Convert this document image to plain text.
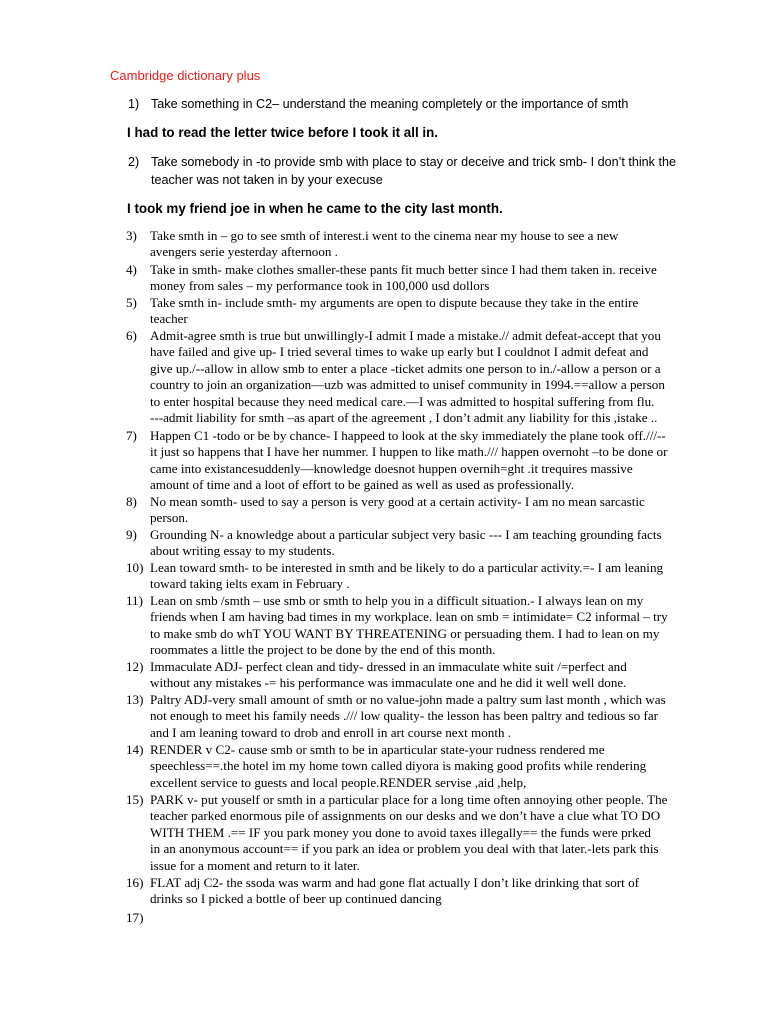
Cambridge dictionary plus
1) Take something in C2– understand the meaning completely or the importance of smth
2) Take somebody in -to provide smb with place to stay or deceive and trick smb- I don’t think the
teacher was not taken in by your execuse
3) Take smth in – go to see smth of interest.i went to the cinema near my house to see a new
avengers serie yesterday afternoon .
4) Take in smth- make clothes smaller-these pants fit much better since I had them taken in. receive
money from sales – my performance took in 100,000 usd dollors
5) Take smth in- include smth- my arguments are open to dispute because they take in the entire
teacher
6) Admit-agree smth is true but unwillingly-I admit I made a mistake.// admit defeat-accept that you
have failed and give up- I tried several times to wake up early but I couldnot I admit defeat and
give up./--allow in allow smb to enter a place -ticket admits one person to in./-allow a person or a
country to join an organization—uzb was admitted to unisef community in 1994.==allow a person
to enter hospital because they need medical care.—I was admitted to hospital suffering from flu.
---admit liability for smth –as apart of the agreement , I don’t admit any liability for this ,istake ..
7) Happen C1 -todo or be by chance- I happeed to look at the sky immediately the plane took off.///--
it just so happens that I have her nummer. I huppen to like math./// happen overnoht –to be done or
came into existancesuddenly—knowledge doesnot huppen overnih=ght .it trequires massive
amount of time and a loot of effort to be gained as well as used as professionally.
8) No mean somth- used to say a person is very good at a certain activity- I am no mean sarcastic
person.
9) Grounding N- a knowledge about a particular subject very basic --- I am teaching grounding facts
about writing essay to my students.
10) Lean toward smth- to be interested in smth and be likely to do a particular activity.=- I am leaning
toward taking ielts exam in February .
11) Lean on smb /smth – use smb or smth to help you in a difficult situation.- I always lean on my
friends when I am having bad times in my workplace. lean on smb = intimidate= C2 informal – try
to make smb do whT YOU WANT BY THREATENING or persuading them. I had to lean on my
roommates a little the project to be done by the end of this month.
12) Immaculate ADJ- perfect clean and tidy- dressed in an immaculate white suit /=perfect and
without any mistakes -= his performance was immaculate one and he did it well well done.
13) Paltry ADJ-very small amount of smth or no value-john made a paltry sum last month , which was
not enough to meet his family needs ./// low quality- the lesson has been paltry and tedious so far
and I am leaning toward to drob and enroll in art course next month .
14) RENDER v C2- cause smb or smth to be in aparticular state-your rudness rendered me
speechless==.the hotel im my home town called diyora is making good profits while rendering
excellent service to guests and local people.RENDER servise ,aid ,help,
15) PARK v- put youself or smth in a particular place for a long time often annoying other people. The
teacher parked enormous pile of assignments on our desks and we don’t have a clue what TO DO
WITH THEM .== IF you park money you done to avoid taxes illegally== the funds were prked
in an anonymous account== if you park an idea or problem you deal with that later.-lets park this
issue for a moment and return to it later.
16) FLAT adj C2- the ssoda was warm and had gone flat actually I don’t like drinking that sort of
drinks so I picked a bottle of beer up continued dancing
17)
I had to read the letter twice before I took it all in.
I took my friend joe in when he came to the city last month.
